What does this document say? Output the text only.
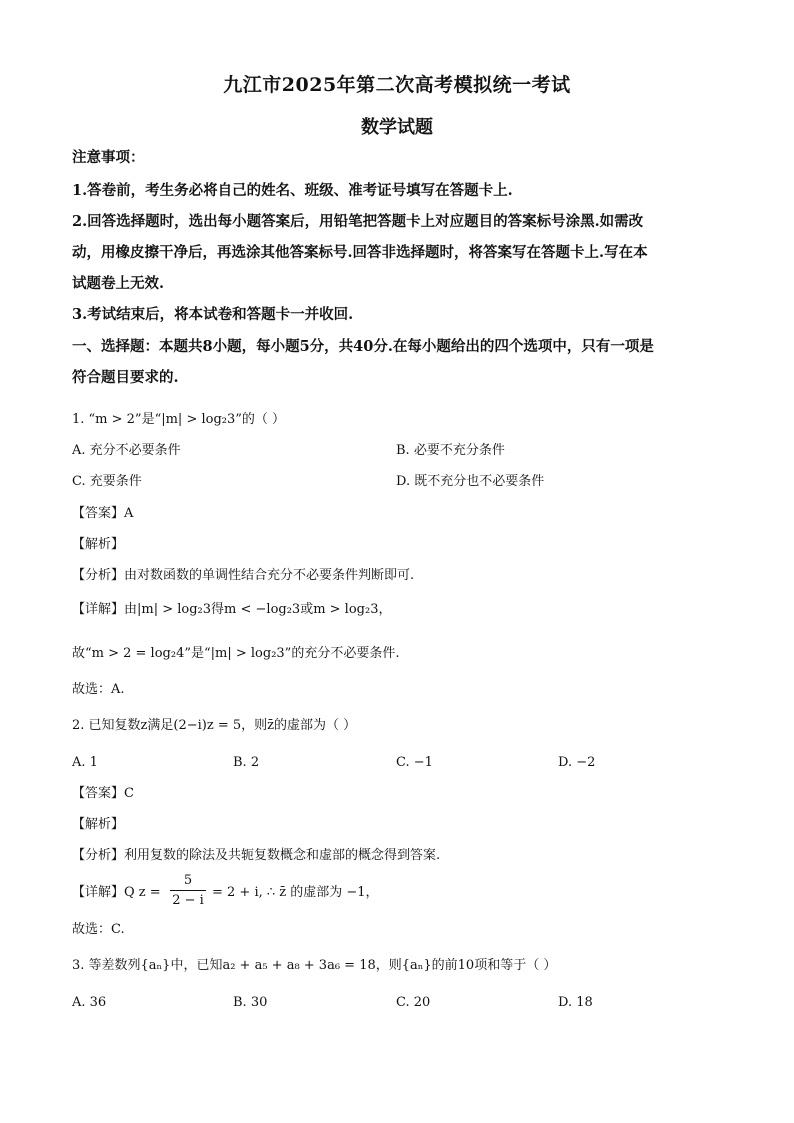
九江市2025年第二次高考模拟统一考试
数学试题
注意事项：
1.答卷前，考生务必将自己的姓名、班级、准考证号填写在答题卡上.
2.回答选择题时，选出每小题答案后，用铅笔把答题卡上对应题目的答案标号涂黑.如需改
动，用橡皮擦干净后，再选涂其他答案标号.回答非选择题时，将答案写在答题卡上.写在本
试题卷上无效.
3.考试结束后，将本试卷和答题卡一并收回.
一、选择题：本题共8小题，每小题5分，共40分.在每小题给出的四个选项中，只有一项是
符合题目要求的.
1. “m > 2”是“|m| > log₂3”的（ ）
A. 充分不必要条件	B. 必要不充分条件
C. 充要条件	D. 既不充分也不必要条件
【答案】A
【解析】
【分析】由对数函数的单调性结合充分不必要条件判断即可.
【详解】由|m| > log₂3得m < −log₂3或m > log₂3，
故“m > 2 = log₂4”是“|m| > log₂3”的充分不必要条件.
故选：A.
2. 已知复数z满足(2−i)z = 5，则z̄的虚部为（ ）
A. 1	B. 2	C. −1	D. −2
【答案】C
【解析】
【分析】利用复数的除法及共轭复数概念和虚部的概念得到答案.
【详解】Q $z = \frac{5}{2 - i} = 2 + i$, ∴ z̄ 的虚部为 −1，
故选：C.
3. 等差数列{aₙ}中，已知a₂ + a₅ + a₈ + 3a₆ = 18，则{aₙ}的前10项和等于（ ）
A. 36	B. 30	C. 20	D. 18
